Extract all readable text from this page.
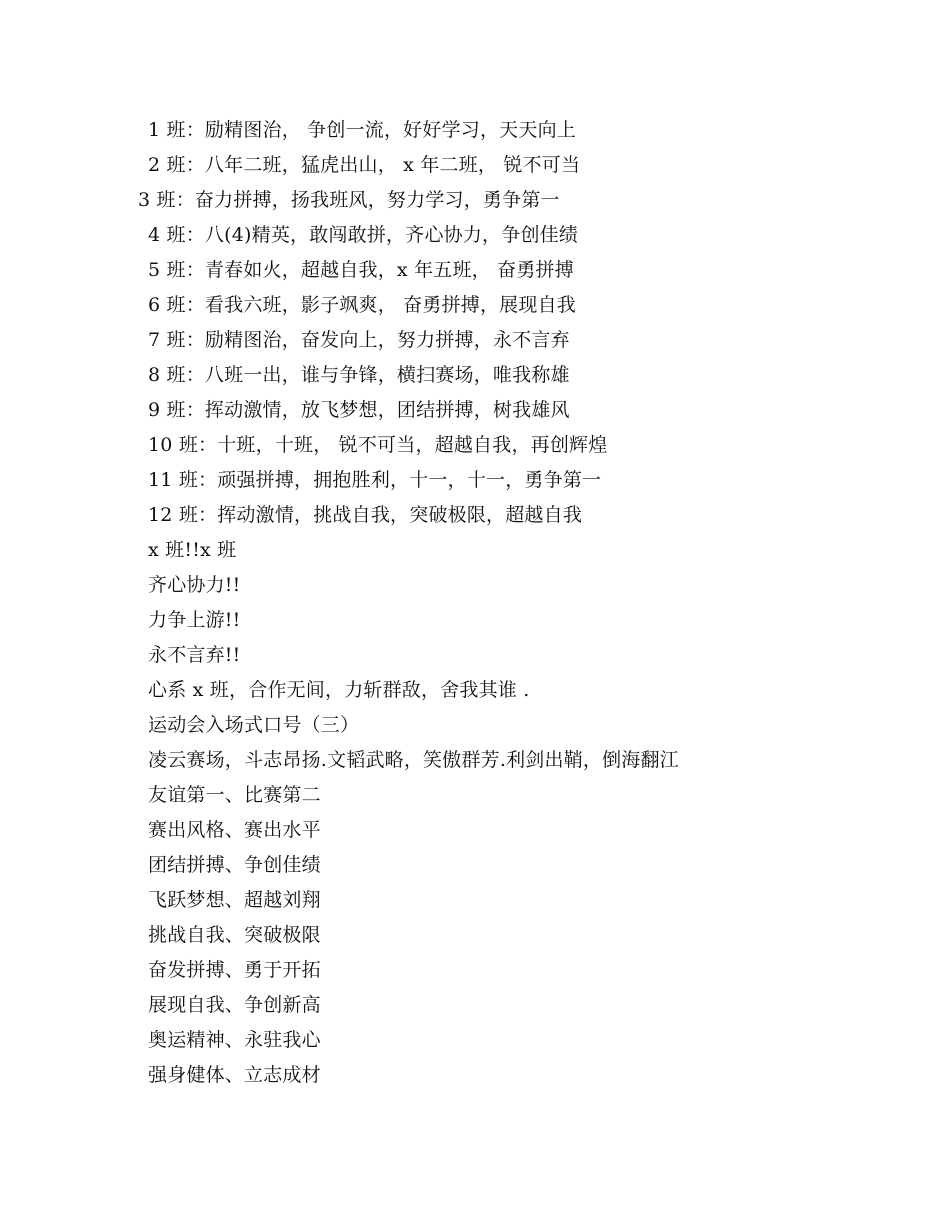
1 班：励精图治， 争创一流，好好学习，天天向上
2 班：八年二班，猛虎出山， x 年二班， 锐不可当
3 班：奋力拼搏，扬我班风，努力学习，勇争第一
4 班：八(4)精英，敢闯敢拼，齐心协力，争创佳绩
5 班：青春如火，超越自我，x 年五班， 奋勇拼搏
6 班：看我六班，影子飒爽， 奋勇拼搏，展现自我
7 班：励精图治，奋发向上，努力拼搏，永不言弃
8 班：八班一出，谁与争锋，横扫赛场，唯我称雄
9 班：挥动激情，放飞梦想，团结拼搏，树我雄风
10 班：十班，十班， 锐不可当，超越自我，再创辉煌
11 班：顽强拼搏，拥抱胜利，十一，十一，勇争第一
12 班：挥动激情，挑战自我，突破极限，超越自我
x 班!!x 班
齐心协力!!
力争上游!!
永不言弃!!
心系 x 班，合作无间，力斩群敌，舍我其谁 .
运动会入场式口号（三）
凌云赛场，斗志昂扬.文韬武略，笑傲群芳.利剑出鞘，倒海翻江
友谊第一、比赛第二
赛出风格、赛出水平
团结拼搏、争创佳绩
飞跃梦想、超越刘翔
挑战自我、突破极限
奋发拼搏、勇于开拓
展现自我、争创新高
奥运精神、永驻我心
强身健体、立志成材
